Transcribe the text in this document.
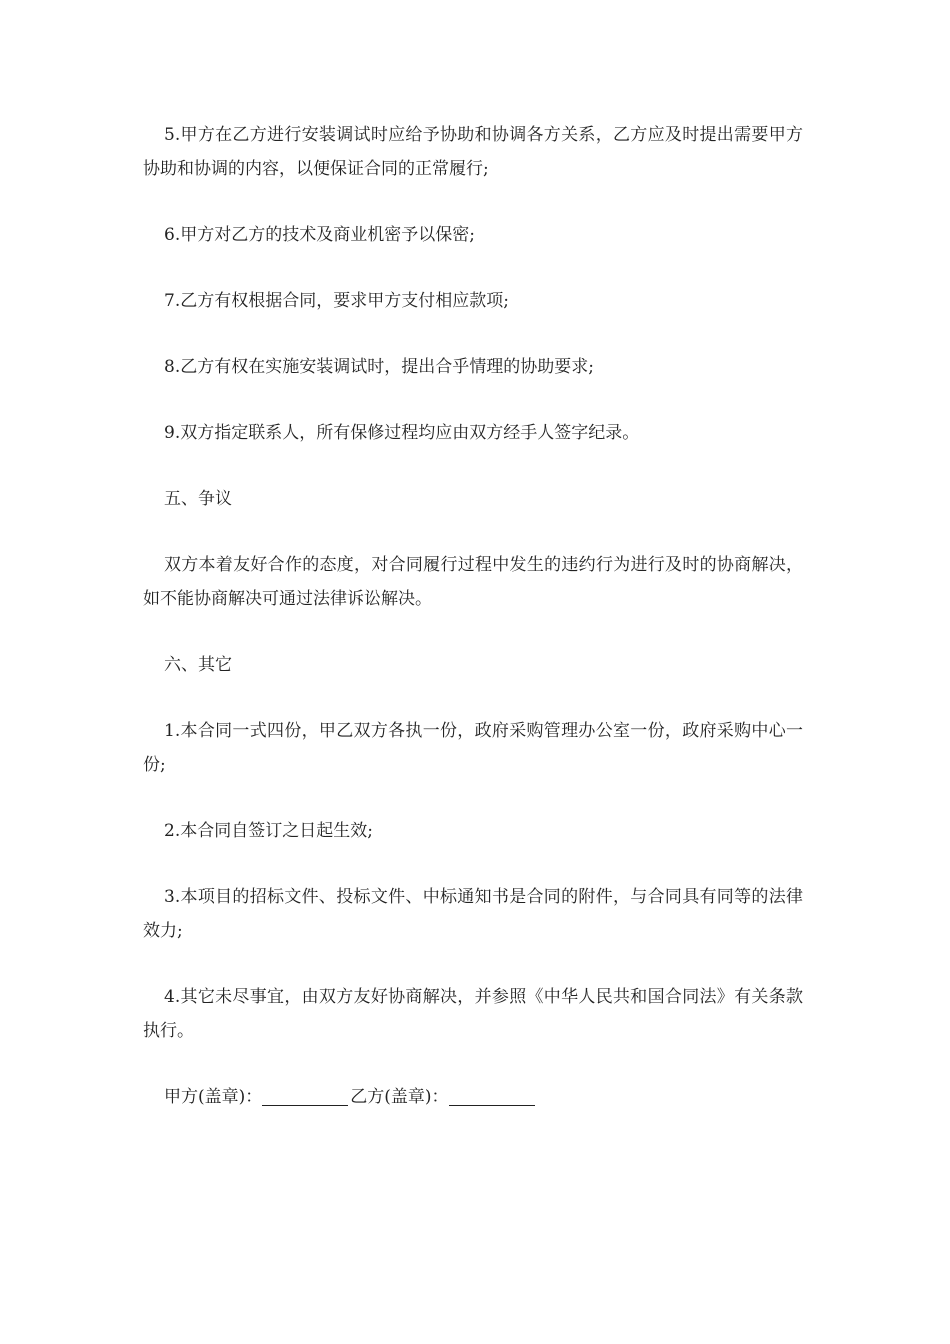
5.甲方在乙方进行安装调试时应给予协助和协调各方关系，乙方应及时提出需要甲方协助和协调的内容，以便保证合同的正常履行;

6.甲方对乙方的技术及商业机密予以保密;

7.乙方有权根据合同，要求甲方支付相应款项;

8.乙方有权在实施安装调试时，提出合乎情理的协助要求;

9.双方指定联系人，所有保修过程均应由双方经手人签字纪录。

五、争议

双方本着友好合作的态度，对合同履行过程中发生的违约行为进行及时的协商解决，如不能协商解决可通过法律诉讼解决。

六、其它

1.本合同一式四份，甲乙双方各执一份，政府采购管理办公室一份，政府采购中心一份;

2.本合同自签订之日起生效;

3.本项目的招标文件、投标文件、中标通知书是合同的附件，与合同具有同等的法律效力;

4.其它未尽事宜，由双方友好协商解决，并参照《中华人民共和国合同法》有关条款执行。

甲方(盖章)：	乙方(盖章)：
